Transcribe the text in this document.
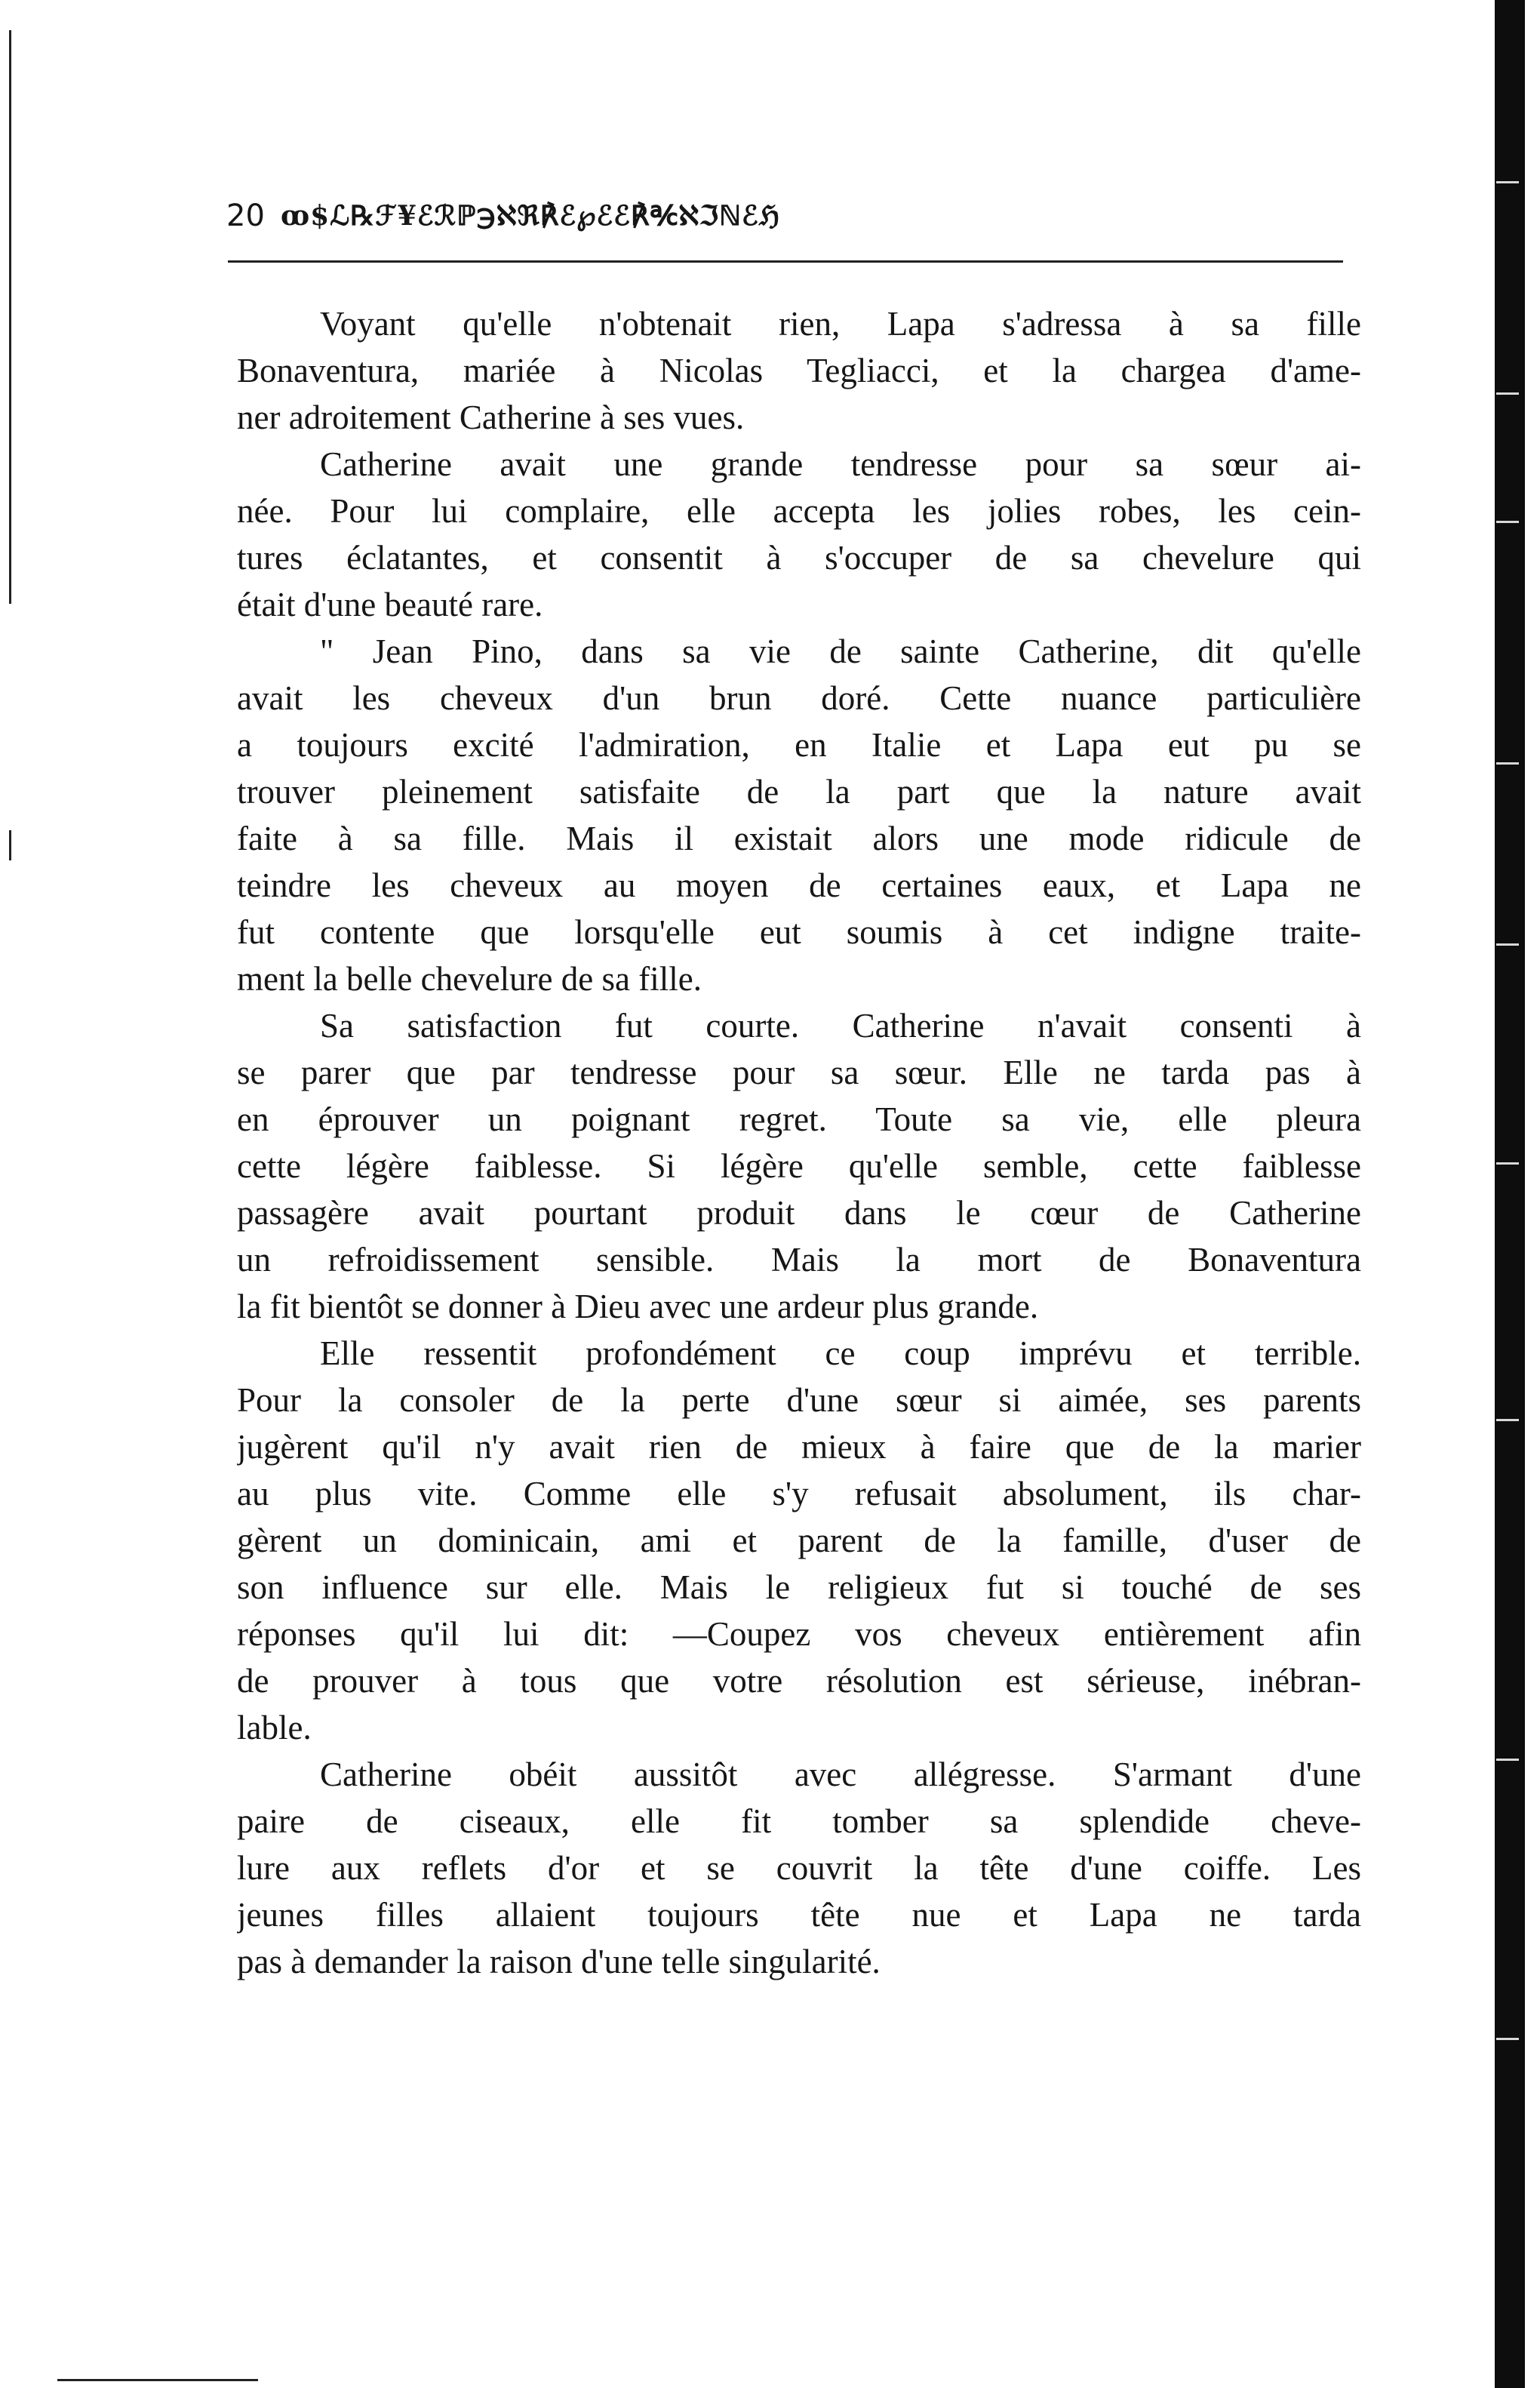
20 ꝏ$ℒ℞ℱ¥ℰℛℙ℈ℵℜ℟ℰ℘ℰℰ℟℀ℵℑℕℰℌ
Voyant qu'elle n'obtenait rien, Lapa s'adressa à sa fille
Bonaventura, mariée à Nicolas Tegliacci, et la chargea d'ame-
ner adroitement Catherine à ses vues.
Catherine avait une grande tendresse pour sa sœur ai-
née. Pour lui complaire, elle accepta les jolies robes, les cein-
tures éclatantes, et consentit à s'occuper de sa chevelure qui
était d'une beauté rare.
" Jean Pino, dans sa vie de sainte Catherine, dit qu'elle
avait les cheveux d'un brun doré. Cette nuance particulière
a toujours excité l'admiration, en Italie et Lapa eut pu se
trouver pleinement satisfaite de la part que la nature avait
faite à sa fille. Mais il existait alors une mode ridicule de
teindre les cheveux au moyen de certaines eaux, et Lapa ne
fut contente que lorsqu'elle eut soumis à cet indigne traite-
ment la belle chevelure de sa fille.
Sa satisfaction fut courte. Catherine n'avait consenti à
se parer que par tendresse pour sa sœur. Elle ne tarda pas à
en éprouver un poignant regret. Toute sa vie, elle pleura
cette légère faiblesse. Si légère qu'elle semble, cette faiblesse
passagère avait pourtant produit dans le cœur de Catherine
un refroidissement sensible. Mais la mort de Bonaventura
la fit bientôt se donner à Dieu avec une ardeur plus grande.
Elle ressentit profondément ce coup imprévu et terrible.
Pour la consoler de la perte d'une sœur si aimée, ses parents
jugèrent qu'il n'y avait rien de mieux à faire que de la marier
au plus vite. Comme elle s'y refusait absolument, ils char-
gèrent un dominicain, ami et parent de la famille, d'user de
son influence sur elle. Mais le religieux fut si touché de ses
réponses qu'il lui dit: —Coupez vos cheveux entièrement afin
de prouver à tous que votre résolution est sérieuse, inébran-
lable.
Catherine obéit aussitôt avec allégresse. S'armant d'une
paire de ciseaux, elle fit tomber sa splendide cheve-
lure aux reflets d'or et se couvrit la tête d'une coiffe. Les
jeunes filles allaient toujours tête nue et Lapa ne tarda
pas à demander la raison d'une telle singularité.
